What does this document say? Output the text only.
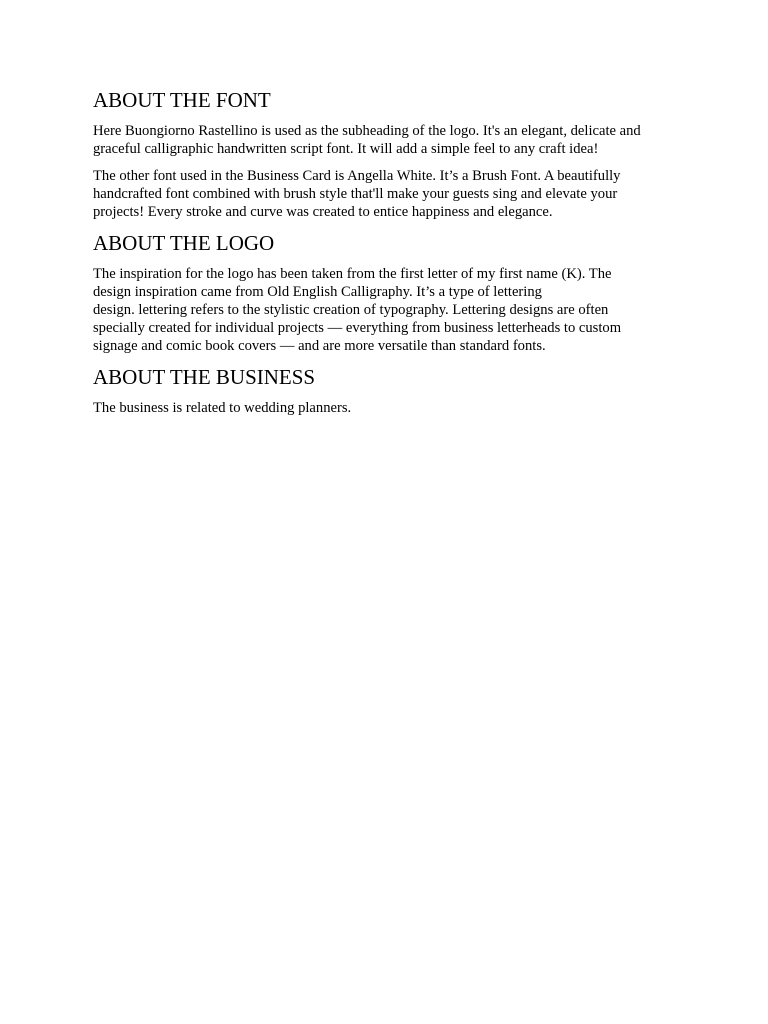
ABOUT THE FONT

Here Buongiorno Rastellino is used as the subheading of the logo. It's an elegant, delicate and
graceful calligraphic handwritten script font. It will add a simple feel to any craft idea!

The other font used in the Business Card is Angella White. It’s a Brush Font. A beautifully
handcrafted font combined with brush style that'll make your guests sing and elevate your
projects! Every stroke and curve was created to entice happiness and elegance.

ABOUT THE LOGO

The inspiration for the logo has been taken from the first letter of my first name (K). The
design inspiration came from Old English Calligraphy. It’s a type of lettering
design. lettering refers to the stylistic creation of typography. Lettering designs are often
specially created for individual projects — everything from business letterheads to custom
signage and comic book covers — and are more versatile than standard fonts.

ABOUT THE BUSINESS

The business is related to wedding planners.
